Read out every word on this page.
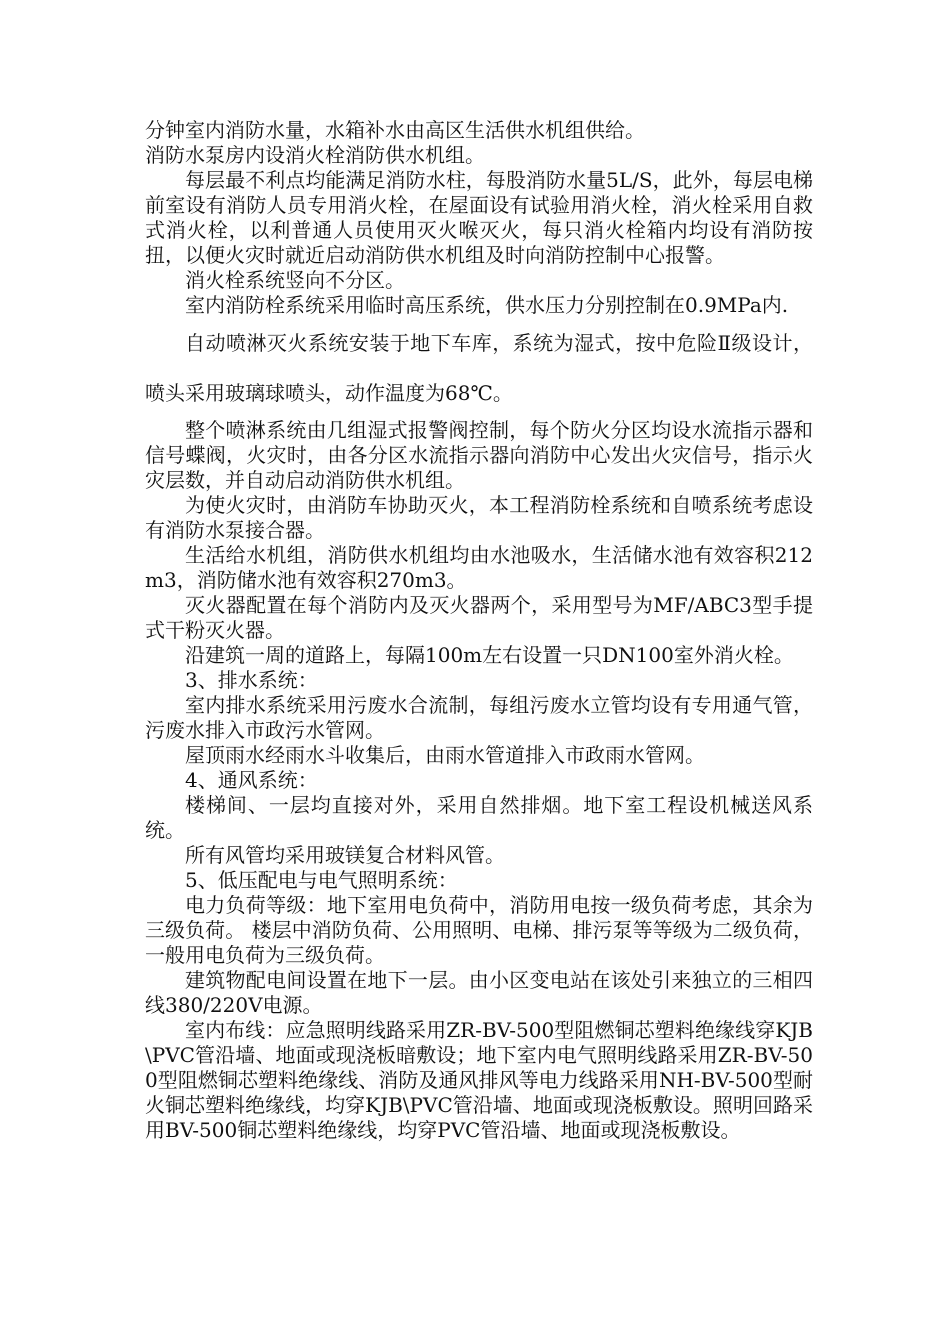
分钟室内消防水量，水箱补水由高区生活供水机组供给。

消防水泵房内设消火栓消防供水机组。

每层最不利点均能满足消防水柱，每股消防水量5L/S，此外，每层电梯前室设有消防人员专用消火栓，在屋面设有试验用消火栓，消火栓采用自救式消火栓，以利普通人员使用灭火喉灭火，每只消火栓箱内均设有消防按扭，以便火灾时就近启动消防供水机组及时向消防控制中心报警。

消火栓系统竖向不分区。

室内消防栓系统采用临时高压系统，供水压力分别控制在0.9MPa内.

自动喷淋灭火系统安装于地下车库，系统为湿式，按中危险Ⅱ级设计，喷头采用玻璃球喷头，动作温度为68℃。

整个喷淋系统由几组湿式报警阀控制，每个防火分区均设水流指示器和信号蝶阀，火灾时，由各分区水流指示器向消防中心发出火灾信号，指示火灾层数，并自动启动消防供水机组。

为使火灾时，由消防车协助灭火，本工程消防栓系统和自喷系统考虑设有消防水泵接合器。

生活给水机组，消防供水机组均由水池吸水，生活储水池有效容积212m3，消防储水池有效容积270m3。

灭火器配置在每个消防内及灭火器两个，采用型号为MF/ABC3型手提式干粉灭火器。

沿建筑一周的道路上，每隔100m左右设置一只DN100室外消火栓。

3、排水系统：

室内排水系统采用污废水合流制，每组污废水立管均设有专用通气管，污废水排入市政污水管网。

屋顶雨水经雨水斗收集后，由雨水管道排入市政雨水管网。

4、通风系统：

楼梯间、一层均直接对外，采用自然排烟。地下室工程设机械送风系统。

所有风管均采用玻镁复合材料风管。

5、低压配电与电气照明系统：

电力负荷等级：地下室用电负荷中，消防用电按一级负荷考虑，其余为三级负荷。 楼层中消防负荷、公用照明、电梯、排污泵等等级为二级负荷，一般用电负荷为三级负荷。

建筑物配电间设置在地下一层。由小区变电站在该处引来独立的三相四线380/220V电源。

室内布线：应急照明线路采用ZR-BV-500型阻燃铜芯塑料绝缘线穿KJB\PVC管沿墙、地面或现浇板暗敷设；地下室内电气照明线路采用ZR-BV-500型阻燃铜芯塑料绝缘线、消防及通风排风等电力线路采用NH-BV-500型耐火铜芯塑料绝缘线，均穿KJB\PVC管沿墙、地面或现浇板敷设。照明回路采用BV-500铜芯塑料绝缘线，均穿PVC管沿墙、地面或现浇板敷设。
